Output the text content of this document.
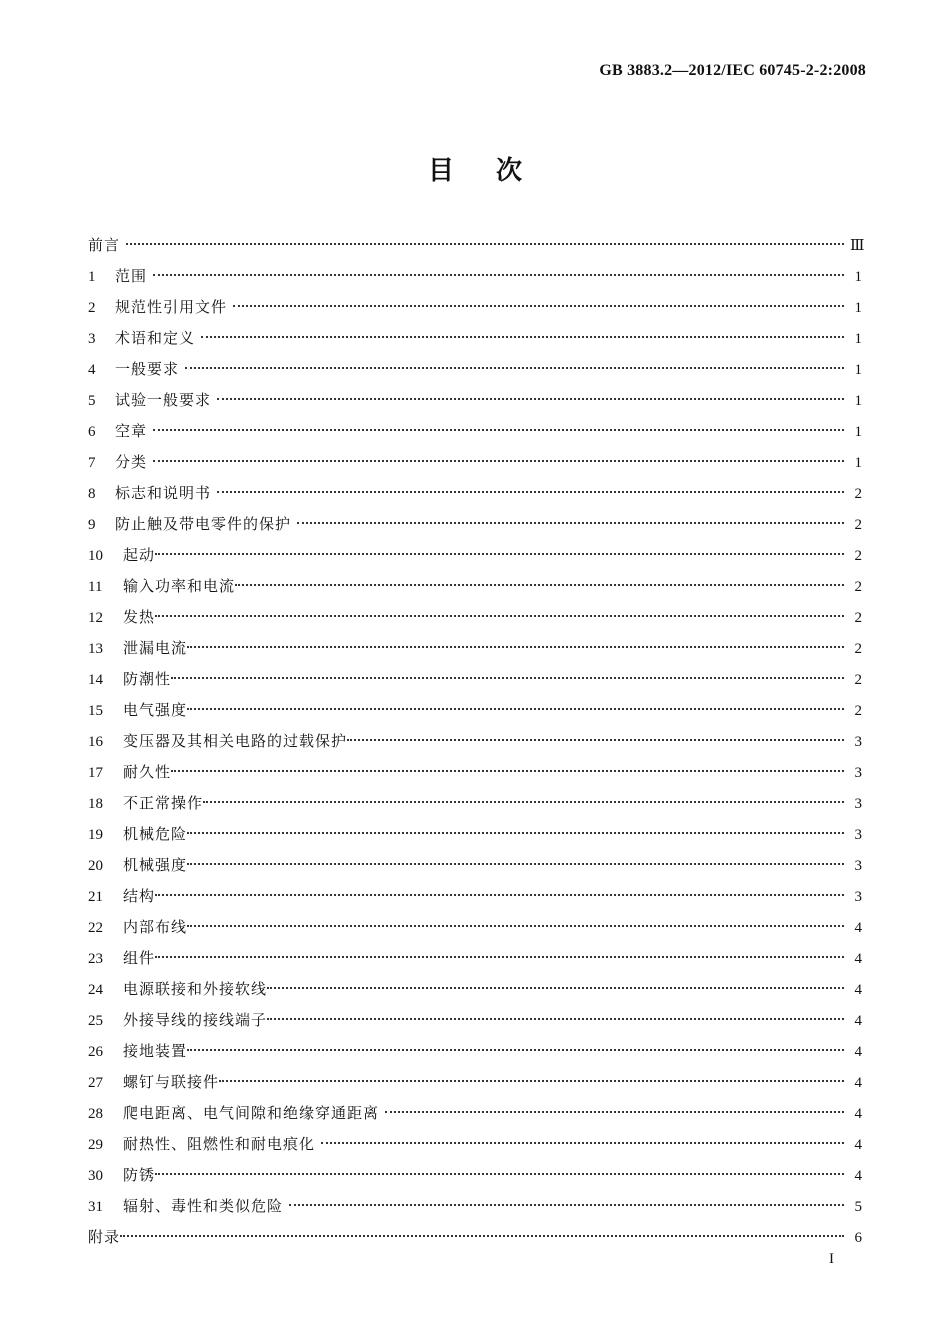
GB 3883.2—2012/IEC 60745-2-2:2008
目次
前言	Ⅲ
1	范围	1
2	规范性引用文件	1
3	术语和定义	1
4	一般要求	1
5	试验一般要求	1
6	空章	1
7	分类	1
8	标志和说明书	2
9	防止触及带电零件的保护	2
10	起动	2
11	输入功率和电流	2
12	发热	2
13	泄漏电流	2
14	防潮性	2
15	电气强度	2
16	变压器及其相关电路的过载保护	3
17	耐久性	3
18	不正常操作	3
19	机械危险	3
20	机械强度	3
21	结构	3
22	内部布线	4
23	组件	4
24	电源联接和外接软线	4
25	外接导线的接线端子	4
26	接地装置	4
27	螺钉与联接件	4
28	爬电距离、电气间隙和绝缘穿通距离	4
29	耐热性、阻燃性和耐电痕化	4
30	防锈	4
31	辐射、毒性和类似危险	5
附录	6
I
